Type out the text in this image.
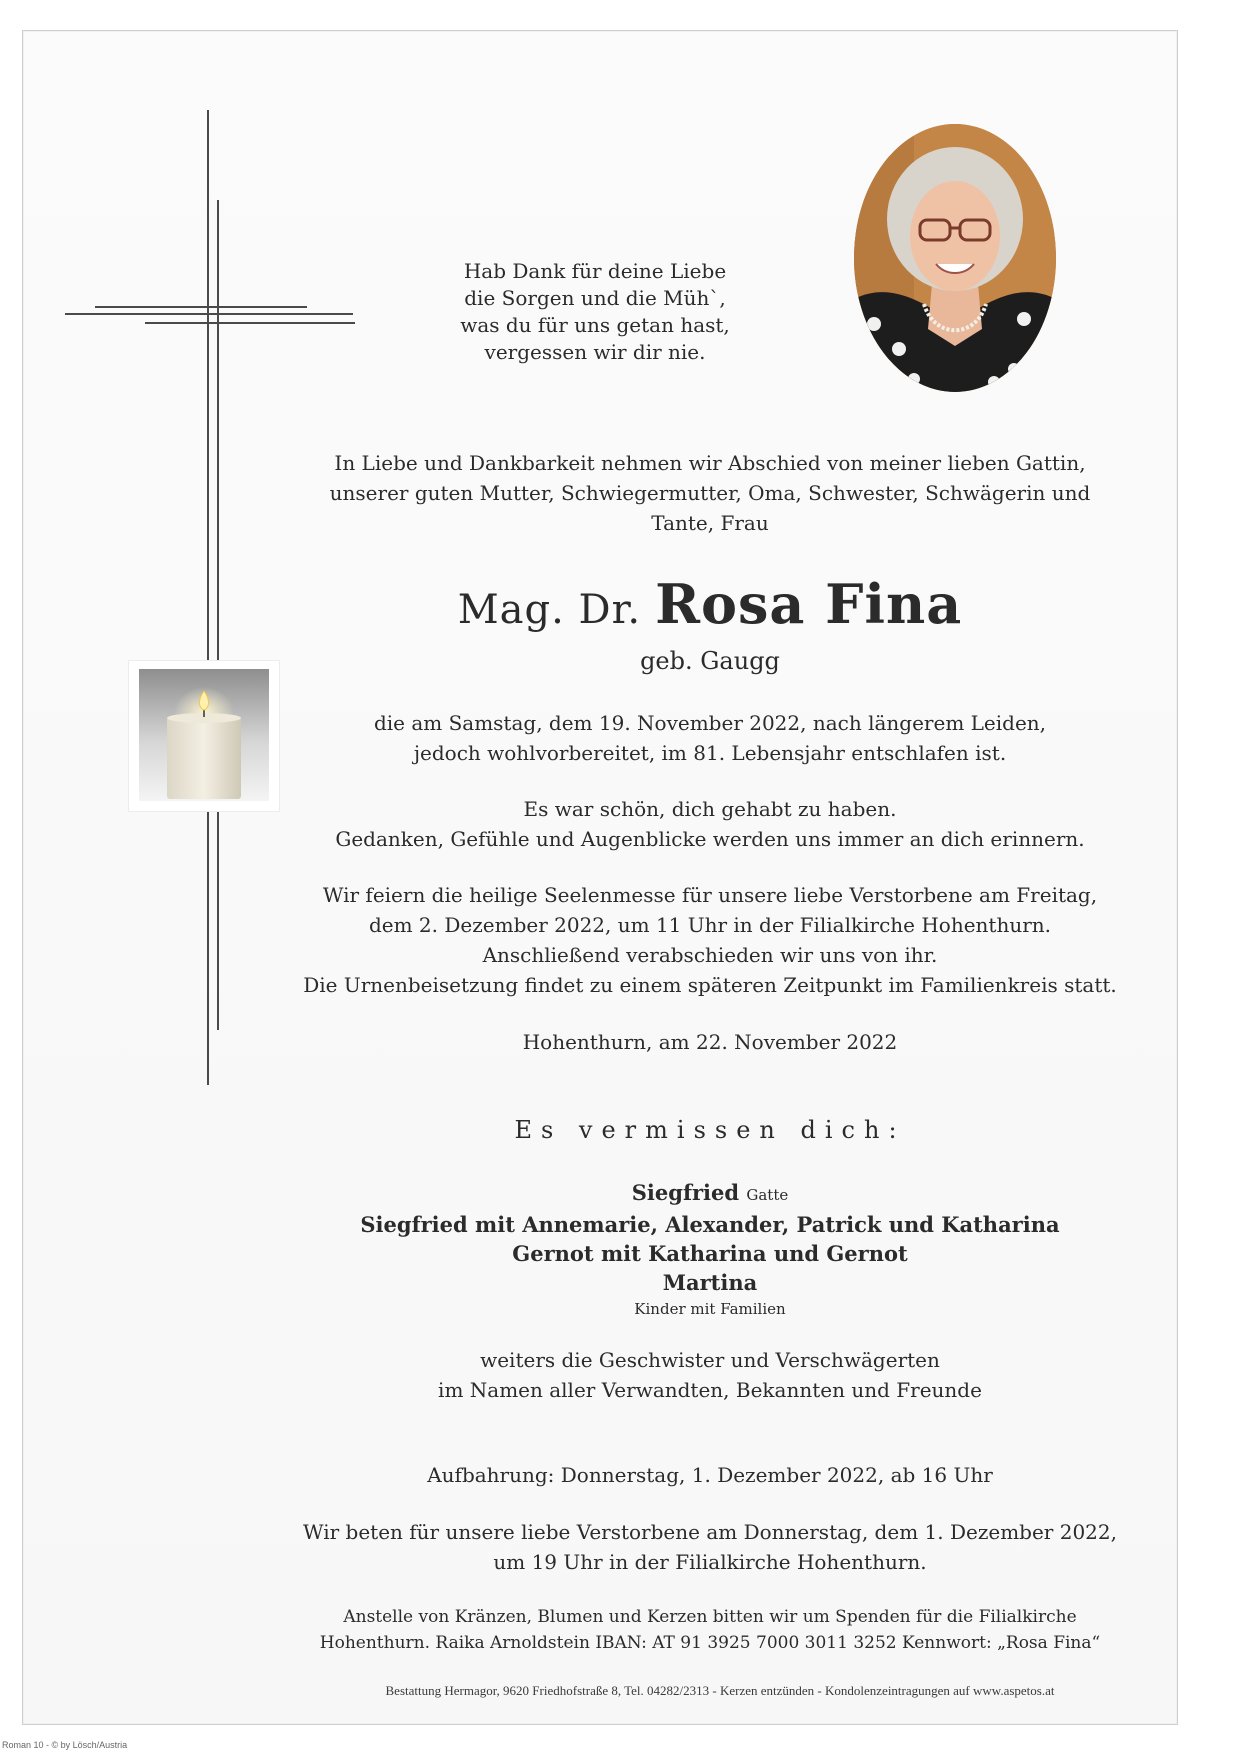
Hab Dank für deine Liebe
die Sorgen und die Müh`,
was du für uns getan hast,
vergessen wir dir nie.
In Liebe und Dankbarkeit nehmen wir Abschied von meiner lieben Gattin,
unserer guten Mutter, Schwiegermutter, Oma, Schwester, Schwägerin und
Tante, Frau
Mag. Dr. Rosa Fina
geb. Gaugg
die am Samstag, dem 19. November 2022, nach längerem Leiden,
jedoch wohlvorbereitet, im 81. Lebensjahr entschlafen ist.
Es war schön, dich gehabt zu haben.
Gedanken, Gefühle und Augenblicke werden uns immer an dich erinnern.
Wir feiern die heilige Seelenmesse für unsere liebe Verstorbene am Freitag,
dem 2. Dezember 2022, um 11 Uhr in der Filialkirche Hohenthurn.
Anschließend verabschieden wir uns von ihr.
Die Urnenbeisetzung findet zu einem späteren Zeitpunkt im Familienkreis statt.
Hohenthurn, am 22. November 2022
Es vermissen dich:
Siegfried Gatte
Siegfried mit Annemarie, Alexander, Patrick und Katharina
Gernot mit Katharina und Gernot
Martina
Kinder mit Familien
weiters die Geschwister und Verschwägerten
im Namen aller Verwandten, Bekannten und Freunde
Aufbahrung: Donnerstag, 1. Dezember 2022, ab 16 Uhr
Wir beten für unsere liebe Verstorbene am Donnerstag, dem 1. Dezember 2022,
um 19 Uhr in der Filialkirche Hohenthurn.
Anstelle von Kränzen, Blumen und Kerzen bitten wir um Spenden für die Filialkirche
Hohenthurn. Raika Arnoldstein IBAN: AT 91 3925 7000 3011 3252 Kennwort: „Rosa Fina“
Bestattung Hermagor, 9620 Friedhofstraße 8, Tel. 04282/2313 - Kerzen entzünden - Kondolenzeintragungen auf www.aspetos.at
Roman 10 - © by Lösch/Austria
